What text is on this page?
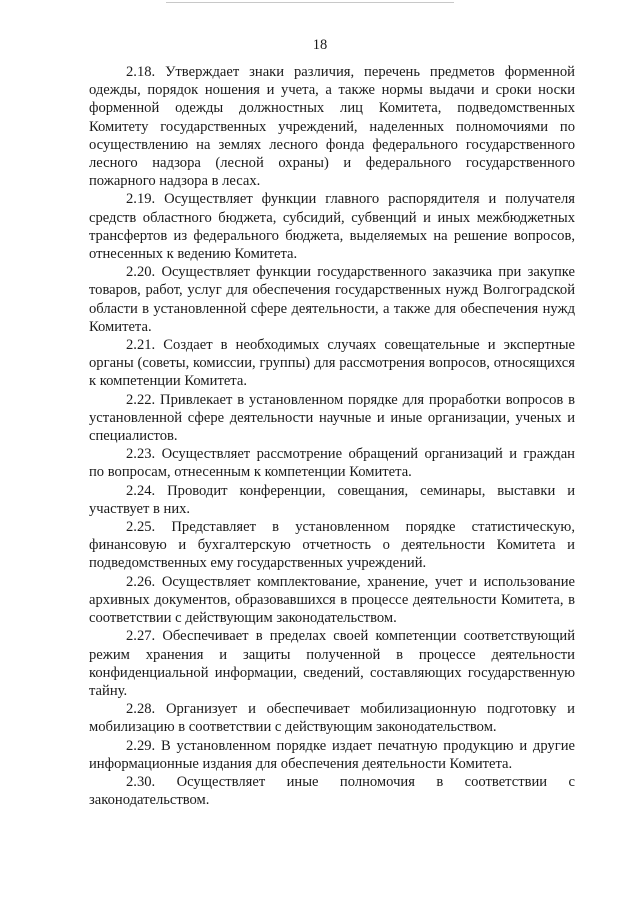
18

2.18. Утверждает знаки различия, перечень предметов форменной одежды, порядок ношения и учета, а также нормы выдачи и сроки носки форменной одежды должностных лиц Комитета, подведомственных Комитету государственных учреждений, наделенных полномочиями по осуществлению на землях лесного фонда федерального государственного лесного надзора (лесной охраны) и федерального государственного пожарного надзора в лесах.

2.19. Осуществляет функции главного распорядителя и получателя средств областного бюджета, субсидий, субвенций и иных межбюджетных трансфертов из федерального бюджета, выделяемых на решение вопросов, отнесенных к ведению Комитета.

2.20. Осуществляет функции государственного заказчика при закупке товаров, работ, услуг для обеспечения государственных нужд Волгоградской области в установленной сфере деятельности, а также для обеспечения нужд Комитета.

2.21. Создает в необходимых случаях совещательные и экспертные органы (советы, комиссии, группы) для рассмотрения вопросов, относящихся к компетенции Комитета.

2.22. Привлекает в установленном порядке для проработки вопросов в установленной сфере деятельности научные и иные организации, ученых и специалистов.

2.23. Осуществляет рассмотрение обращений организаций и граждан по вопросам, отнесенным к компетенции Комитета.

2.24. Проводит конференции, совещания, семинары, выставки и участвует в них.

2.25. Представляет в установленном порядке статистическую, финансовую и бухгалтерскую отчетность о деятельности Комитета и подведомственных ему государственных учреждений.

2.26. Осуществляет комплектование, хранение, учет и использование архивных документов, образовавшихся в процессе деятельности Комитета, в соответствии с действующим законодательством.

2.27. Обеспечивает в пределах своей компетенции соответствующий режим хранения и защиты полученной в процессе деятельности конфиденциальной информации, сведений, составляющих государственную тайну.

2.28. Организует и обеспечивает мобилизационную подготовку и мобилизацию в соответствии с действующим законодательством.

2.29. В установленном порядке издает печатную продукцию и другие информационные издания для обеспечения деятельности Комитета.

2.30. Осуществляет иные полномочия в соответствии с законодательством.
